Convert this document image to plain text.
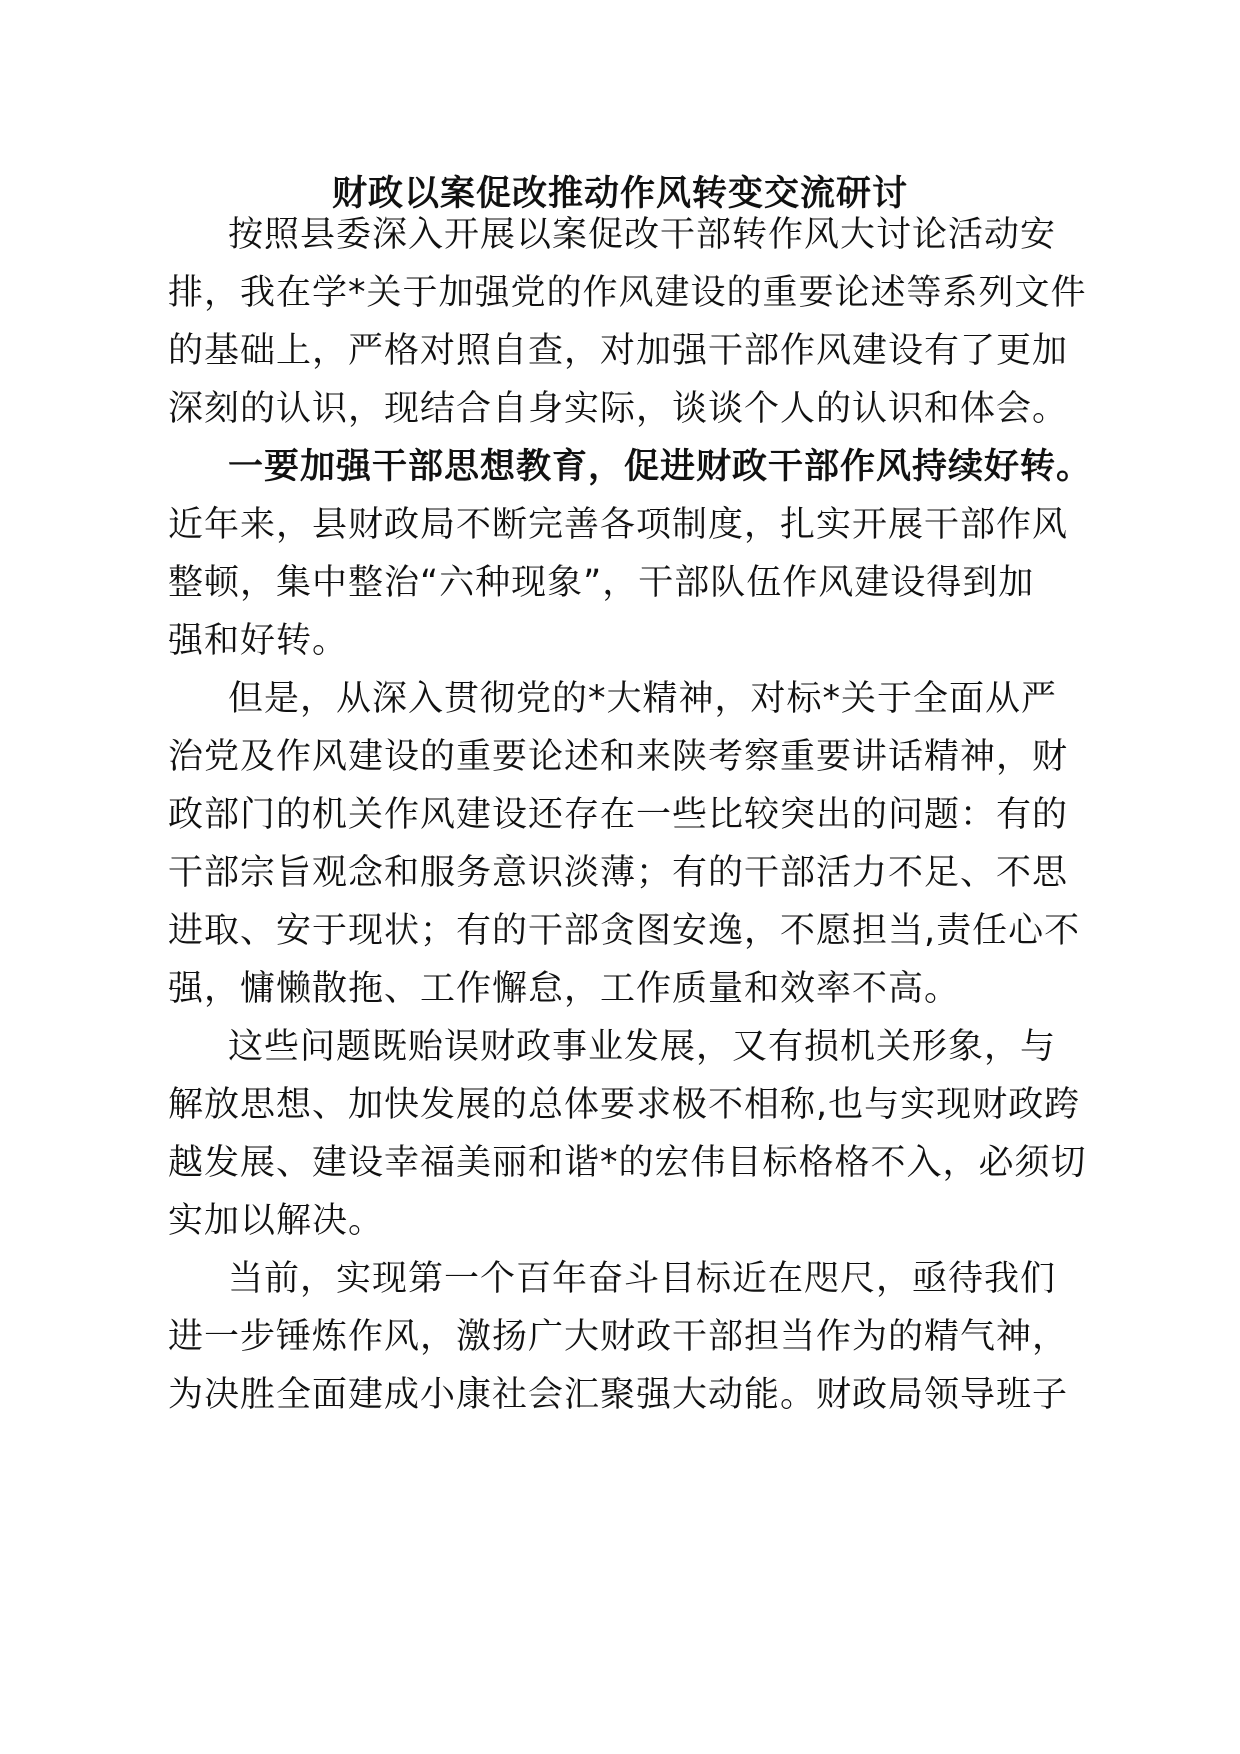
财政以案促改推动作风转变交流研讨

按照县委深入开展以案促改干部转作风大讨论活动安

排，我在学*关于加强党的作风建设的重要论述等系列文件

的基础上，严格对照自查，对加强干部作风建设有了更加

深刻的认识，现结合自身实际，谈谈个人的认识和体会。

一要加强干部思想教育，促进财政干部作风持续好转。

近年来，县财政局不断完善各项制度，扎实开展干部作风

整顿，集中整治“六种现象”，干部队伍作风建设得到加

强和好转。

但是，从深入贯彻党的*大精神，对标*关于全面从严

治党及作风建设的重要论述和来陕考察重要讲话精神，财

政部门的机关作风建设还存在一些比较突出的问题：有的

干部宗旨观念和服务意识淡薄；有的干部活力不足、不思

进取、安于现状；有的干部贪图安逸，不愿担当,责任心不

强，慵懒散拖、工作懈怠，工作质量和效率不高。

这些问题既贻误财政事业发展，又有损机关形象，与

解放思想、加快发展的总体要求极不相称,也与实现财政跨

越发展、建设幸福美丽和谐*的宏伟目标格格不入，必须切

实加以解决。

当前，实现第一个百年奋斗目标近在咫尺，亟待我们

进一步锤炼作风，激扬广大财政干部担当作为的精气神，

为决胜全面建成小康社会汇聚强大动能。财政局领导班子
